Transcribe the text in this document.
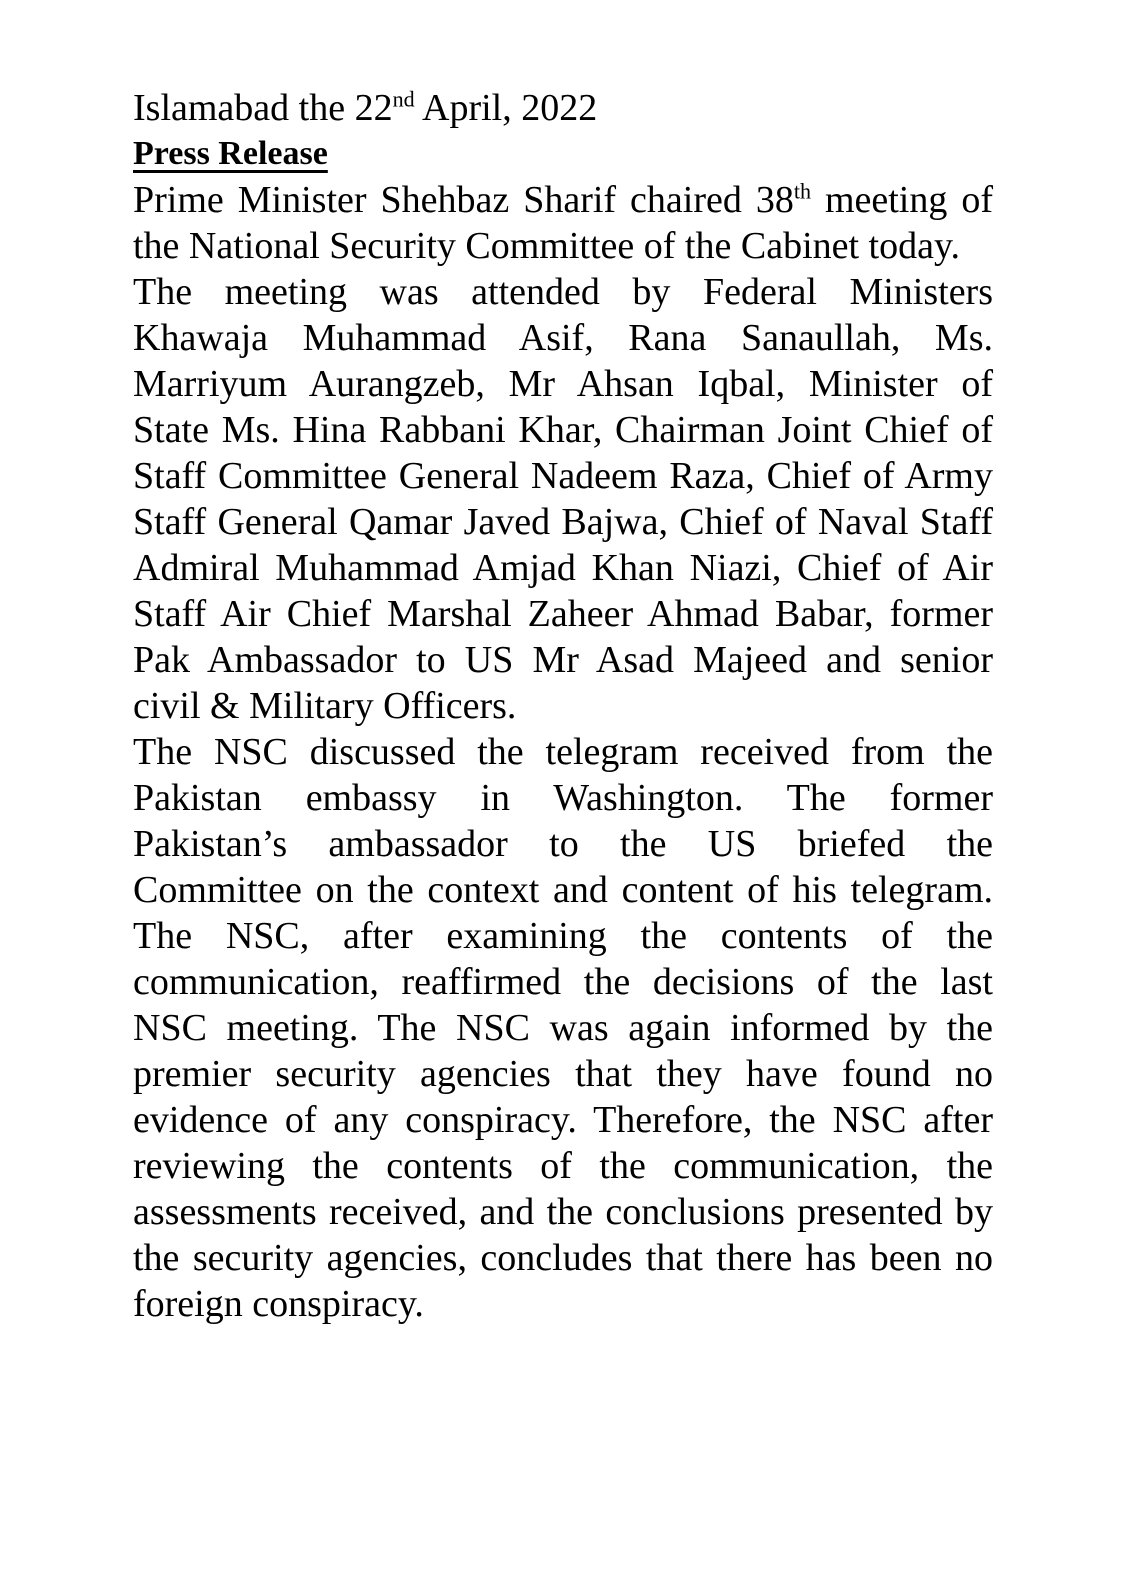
Islamabad the 22nd April, 2022
Press Release
Prime Minister Shehbaz Sharif chaired 38th meeting of
the National Security Committee of the Cabinet today.
The meeting was attended by Federal Ministers
Khawaja Muhammad Asif, Rana Sanaullah, Ms.
Marriyum Aurangzeb, Mr Ahsan Iqbal, Minister of
State Ms. Hina Rabbani Khar, Chairman Joint Chief of
Staff Committee General Nadeem Raza, Chief of Army
Staff General Qamar Javed Bajwa, Chief of Naval Staff
Admiral Muhammad Amjad Khan Niazi, Chief of Air
Staff Air Chief Marshal Zaheer Ahmad Babar, former
Pak Ambassador to US Mr Asad Majeed and senior
civil & Military Officers.
The NSC discussed the telegram received from the
Pakistan embassy in Washington. The former
Pakistan’s ambassador to the US briefed the
Committee on the context and content of his telegram.
The NSC, after examining the contents of the
communication, reaffirmed the decisions of the last
NSC meeting. The NSC was again informed by the
premier security agencies that they have found no
evidence of any conspiracy. Therefore, the NSC after
reviewing the contents of the communication, the
assessments received, and the conclusions presented by
the security agencies, concludes that there has been no
foreign conspiracy.
